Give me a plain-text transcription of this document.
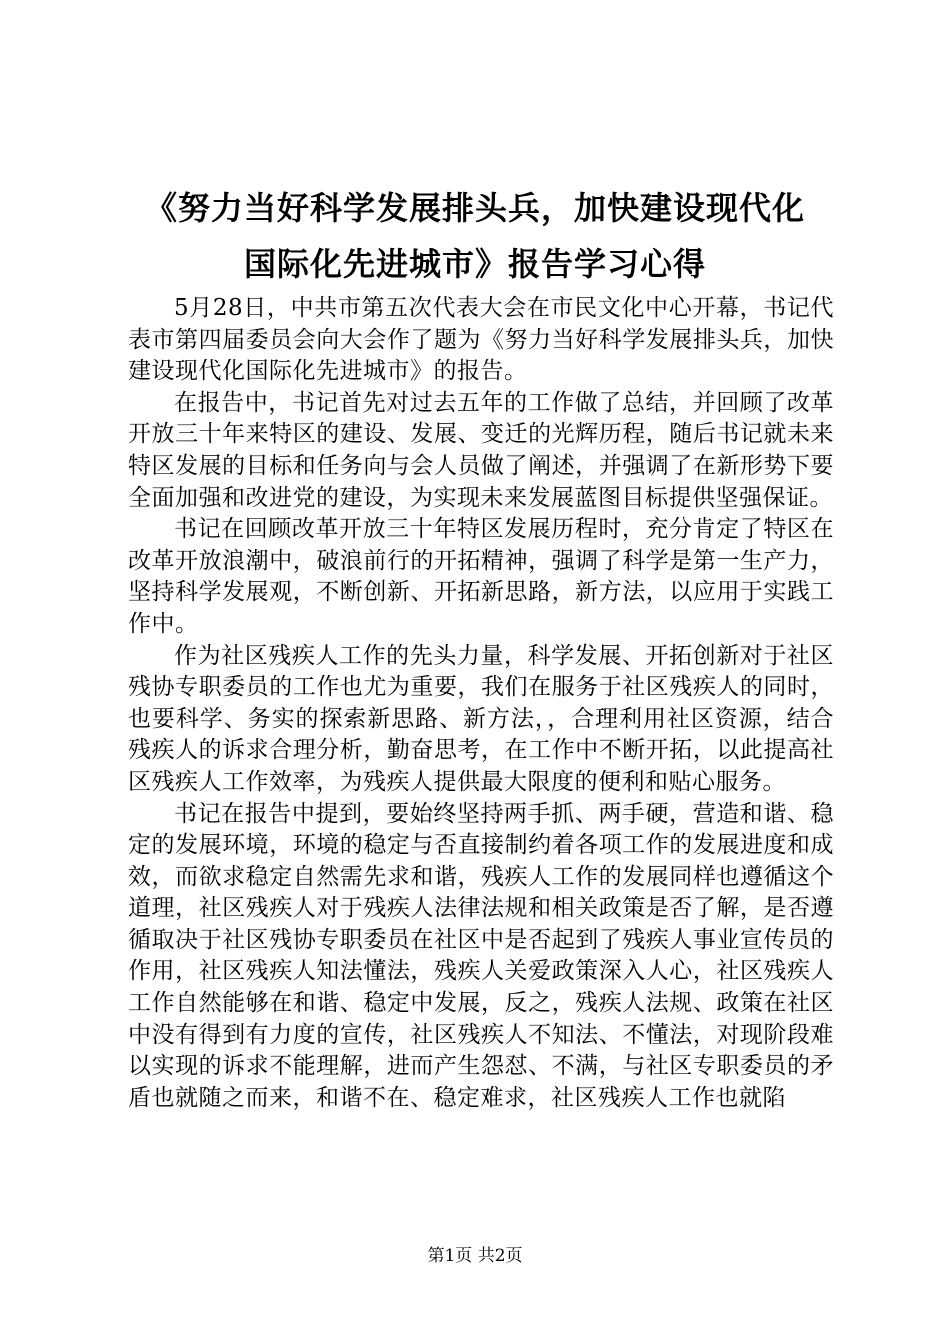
《努力当好科学发展排头兵，加快建设现代化
国际化先进城市》报告学习心得

5月28日，中共市第五次代表大会在市民文化中心开幕，书记代表市第四届委员会向大会作了题为《努力当好科学发展排头兵，加快建设现代化国际化先进城市》的报告。

在报告中，书记首先对过去五年的工作做了总结，并回顾了改革开放三十年来特区的建设、发展、变迁的光辉历程，随后书记就未来特区发展的目标和任务向与会人员做了阐述，并强调了在新形势下要全面加强和改进党的建设，为实现未来发展蓝图目标提供坚强保证。

书记在回顾改革开放三十年特区发展历程时，充分肯定了特区在改革开放浪潮中，破浪前行的开拓精神，强调了科学是第一生产力，坚持科学发展观，不断创新、开拓新思路，新方法，以应用于实践工作中。

作为社区残疾人工作的先头力量，科学发展、开拓创新对于社区残协专职委员的工作也尤为重要，我们在服务于社区残疾人的同时，也要科学、务实的探索新思路、新方法，，合理利用社区资源，结合残疾人的诉求合理分析，勤奋思考，在工作中不断开拓，以此提高社区残疾人工作效率，为残疾人提供最大限度的便利和贴心服务。

书记在报告中提到，要始终坚持两手抓、两手硬，营造和谐、稳定的发展环境，环境的稳定与否直接制约着各项工作的发展进度和成效，而欲求稳定自然需先求和谐，残疾人工作的发展同样也遵循这个道理，社区残疾人对于残疾人法律法规和相关政策是否了解，是否遵循取决于社区残协专职委员在社区中是否起到了残疾人事业宣传员的作用，社区残疾人知法懂法，残疾人关爱政策深入人心，社区残疾人工作自然能够在和谐、稳定中发展，反之，残疾人法规、政策在社区中没有得到有力度的宣传，社区残疾人不知法、不懂法，对现阶段难以实现的诉求不能理解，进而产生怨怼、不满，与社区专职委员的矛盾也就随之而来，和谐不在、稳定难求，社区残疾人工作也就陷

第1页 共2页
